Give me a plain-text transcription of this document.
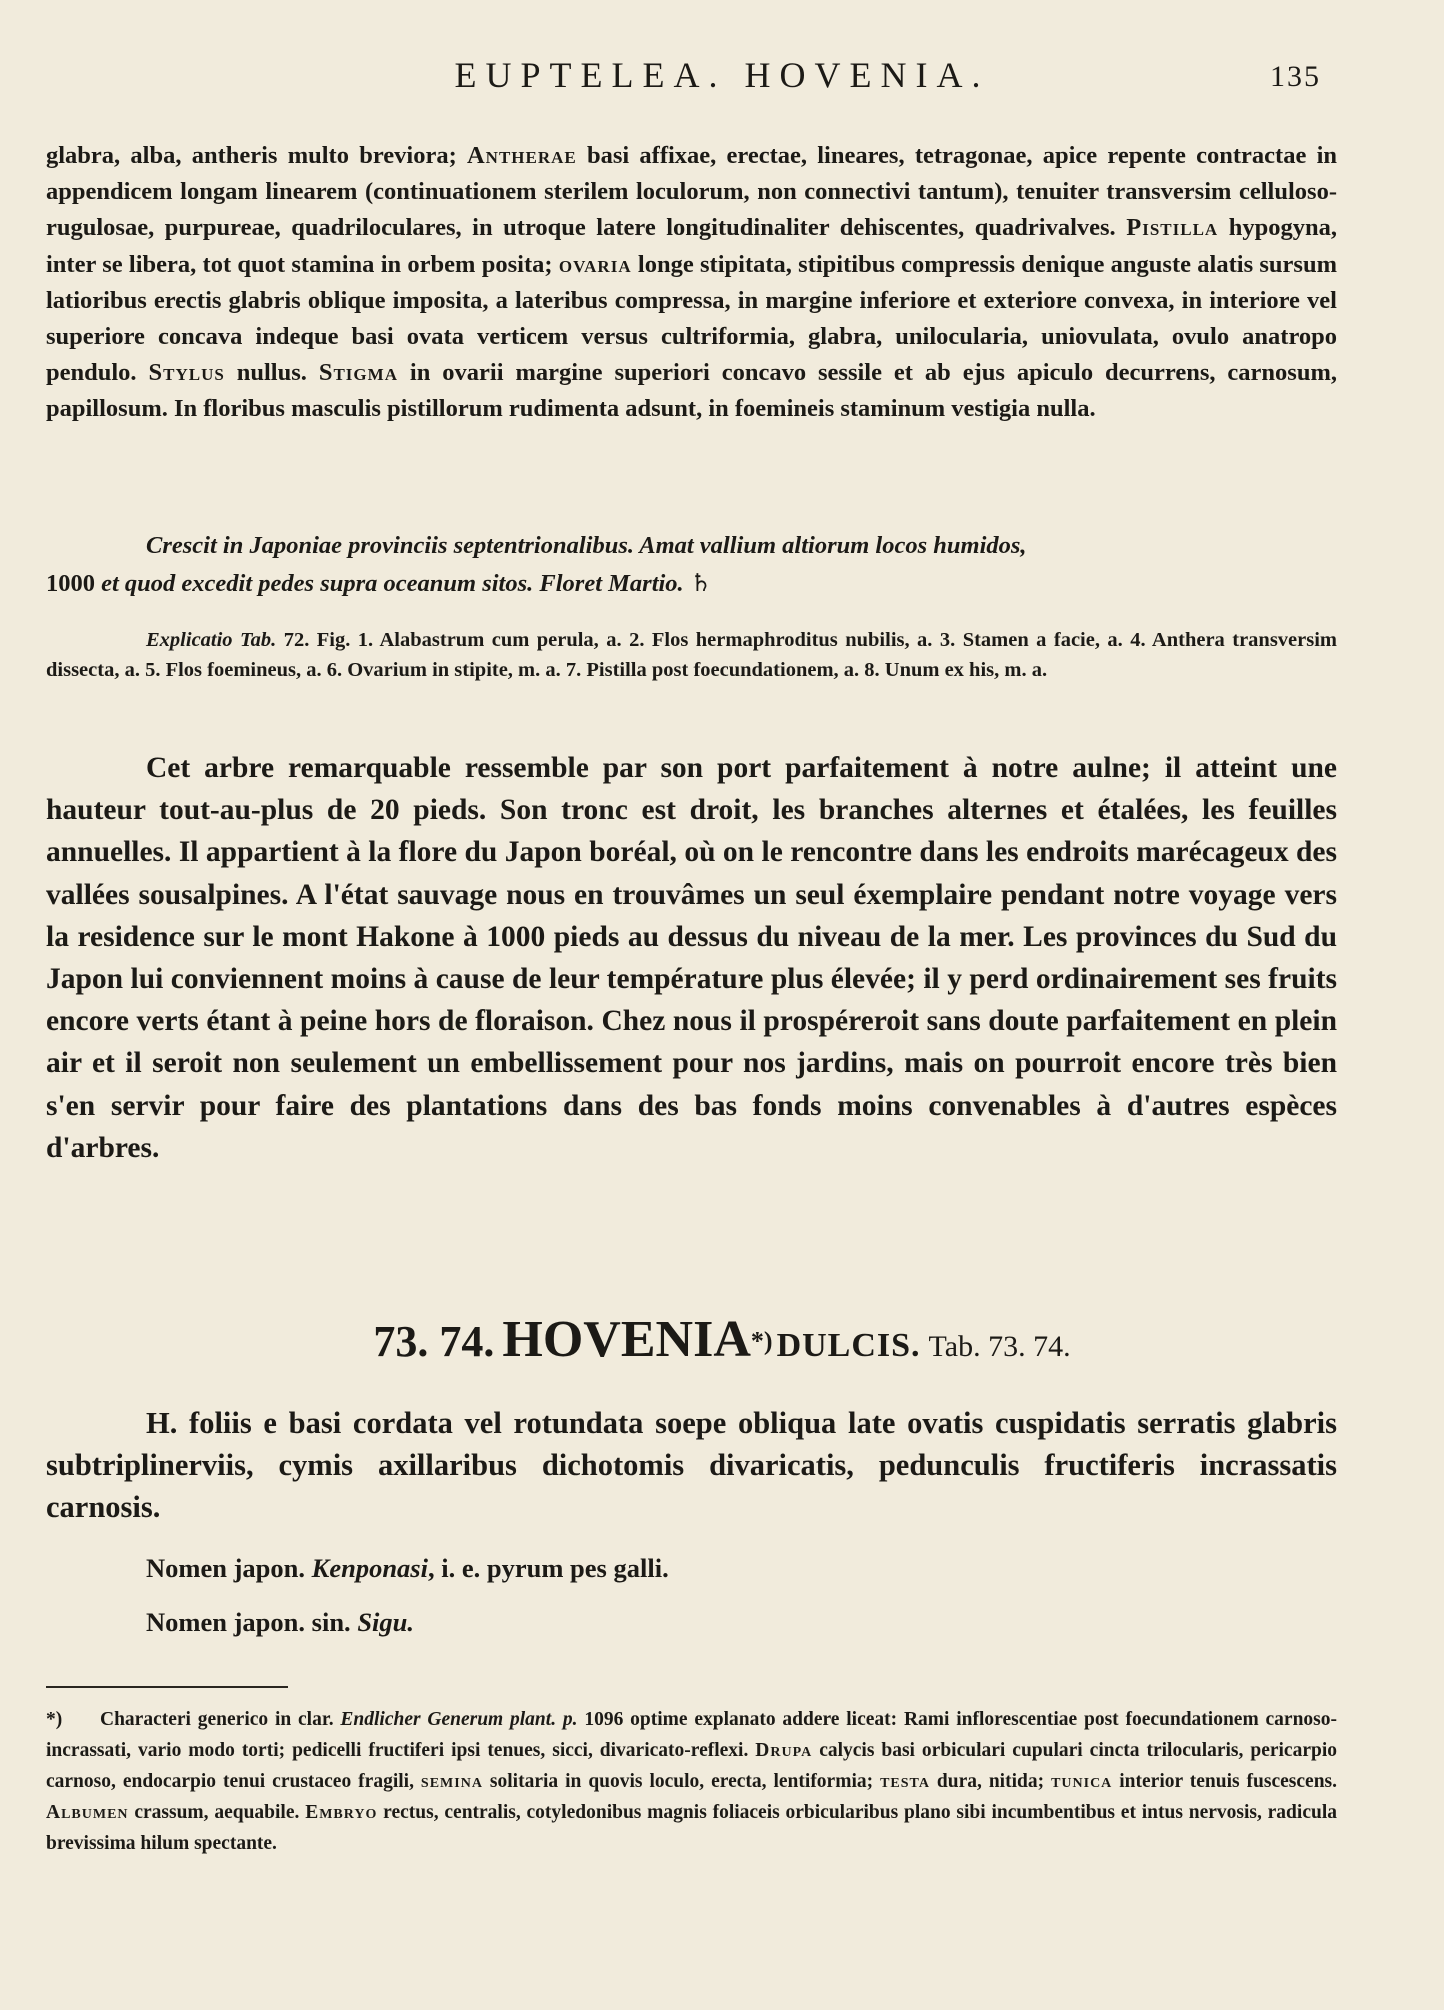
EUPTELEA. HOVENIA.	135

glabra, alba, antheris multo breviora; Antherae basi affixae, erectae, lineares, tetragonae, apice repente contractae in appendicem longam linearem (continuationem sterilem loculorum, non connectivi tantum), tenuiter transversim celluloso-rugulosae, purpureae, quadriloculares, in utroque latere longitudinaliter dehiscentes, quadrivalves. Pistilla hypogyna, inter se libera, tot quot stamina in orbem posita; ovaria longe stipitata, stipitibus compressis denique anguste alatis sursum latioribus erectis glabris oblique imposita, a lateribus compressa, in margine inferiore et exteriore convexa, in interiore vel superiore concava indeque basi ovata verticem versus cultriformia, glabra, unilocularia, uniovulata, ovulo anatropo pendulo. Stylus nullus. Stigma in ovarii margine superiori concavo sessile et ab ejus apiculo decurrens, carnosum, papillosum. In floribus masculis pistillorum rudimenta adsunt, in foemineis staminum vestigia nulla.

Crescit in Japoniae provinciis septentrionalibus. Amat vallium altiorum locos humidos,
1000 et quod excedit pedes supra oceanum sitos. Floret Martio. ♄

Explicatio Tab. 72. Fig. 1. Alabastrum cum perula, a. 2. Flos hermaphroditus nubilis, a. 3. Stamen a facie, a. 4. Anthera transversim dissecta, a. 5. Flos foemineus, a. 6. Ovarium in stipite, m. a. 7. Pistilla post foecundationem, a. 8. Unum ex his, m. a.

Cet arbre remarquable ressemble par son port parfaitement à notre aulne; il atteint une hauteur tout-au-plus de 20 pieds. Son tronc est droit, les branches alternes et étalées, les feuilles annuelles. Il appartient à la flore du Japon boréal, où on le rencontre dans les endroits marécageux des vallées sousalpines. A l'état sauvage nous en trouvâmes un seul éxemplaire pendant notre voyage vers la residence sur le mont Hakone à 1000 pieds au dessus du niveau de la mer. Les provinces du Sud du Japon lui conviennent moins à cause de leur température plus élevée; il y perd ordinairement ses fruits encore verts étant à peine hors de floraison. Chez nous il prospéreroit sans doute parfaitement en plein air et il seroit non seulement un embellissement pour nos jardins, mais on pourroit encore très bien s'en servir pour faire des plantations dans des bas fonds moins convenables à d'autres espèces d'arbres.

73. 74. HOVENIA*) DULCIS. Tab. 73. 74.

H. foliis e basi cordata vel rotundata soepe obliqua late ovatis cuspidatis serratis glabris subtriplinerviis, cymis axillaribus dichotomis divaricatis, pedunculis fructiferis incrassatis carnosis.

Nomen japon. Kenponasi, i. e. pyrum pes galli.
Nomen japon. sin. Sigu.

*) Characteri generico in clar. Endlicher Generum plant. p. 1096 optime explanato addere liceat: Rami inflorescentiae post foecundationem carnoso-incrassati, vario modo torti; pedicelli fructiferi ipsi tenues, sicci, divaricato-reflexi. Drupa calycis basi orbiculari cupulari cincta trilocularis, pericarpio carnoso, endocarpio tenui crustaceo fragili, semina solitaria in quovis loculo, erecta, lentiformia; testa dura, nitida; tunica interior tenuis fuscescens. Albumen crassum, aequabile. Embryo rectus, centralis, cotyledonibus magnis foliaceis orbicularibus plano sibi incumbentibus et intus nervosis, radicula brevissima hilum spectante.
